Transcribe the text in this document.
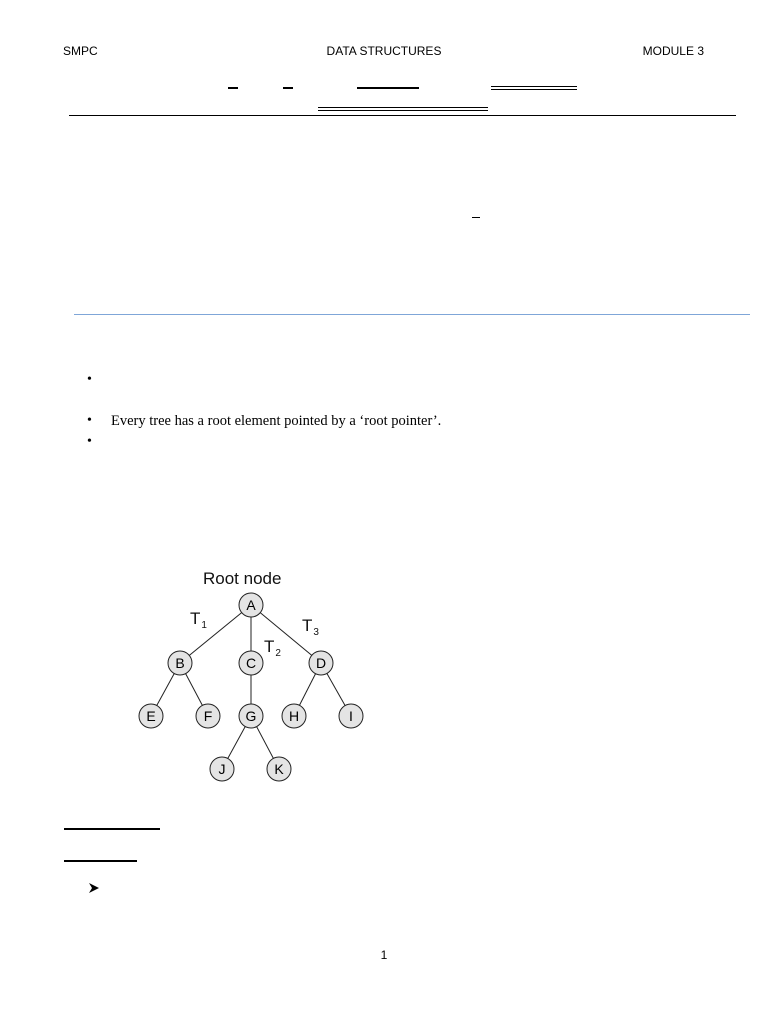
SMPC	DATA STRUCTURES	MODULE 3
•
• Every tree has a root element pointed by a ‘root pointer’.
•
Root node
$T_1$
$T_2$
$T_3$
A
B	C	D
E	F G H	I
J	K
1
